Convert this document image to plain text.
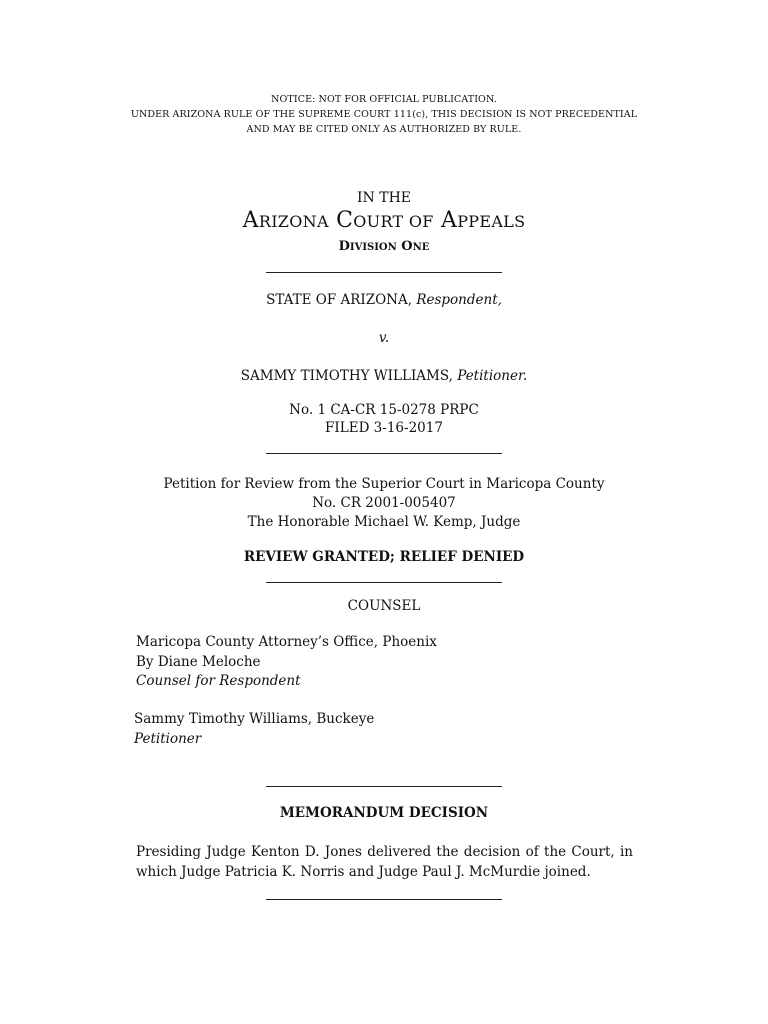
NOTICE: NOT FOR OFFICIAL PUBLICATION.
UNDER ARIZONA RULE OF THE SUPREME COURT 111(c), THIS DECISION IS NOT PRECEDENTIAL
AND MAY BE CITED ONLY AS AUTHORIZED BY RULE.
IN THE
ARIZONA COURT OF APPEALS
DIVISION ONE
STATE OF ARIZONA, Respondent,
v.
SAMMY TIMOTHY WILLIAMS, Petitioner.
No. 1 CA-CR 15-0278 PRPC
FILED 3-16-2017
Petition for Review from the Superior Court in Maricopa County
No. CR 2001-005407
The Honorable Michael W. Kemp, Judge
REVIEW GRANTED; RELIEF DENIED
COUNSEL
Maricopa County Attorney’s Office, Phoenix
By Diane Meloche
Counsel for Respondent
Sammy Timothy Williams, Buckeye
Petitioner
MEMORANDUM DECISION
Presiding Judge Kenton D. Jones delivered the decision of the Court, in
which Judge Patricia K. Norris and Judge Paul J. McMurdie joined.
